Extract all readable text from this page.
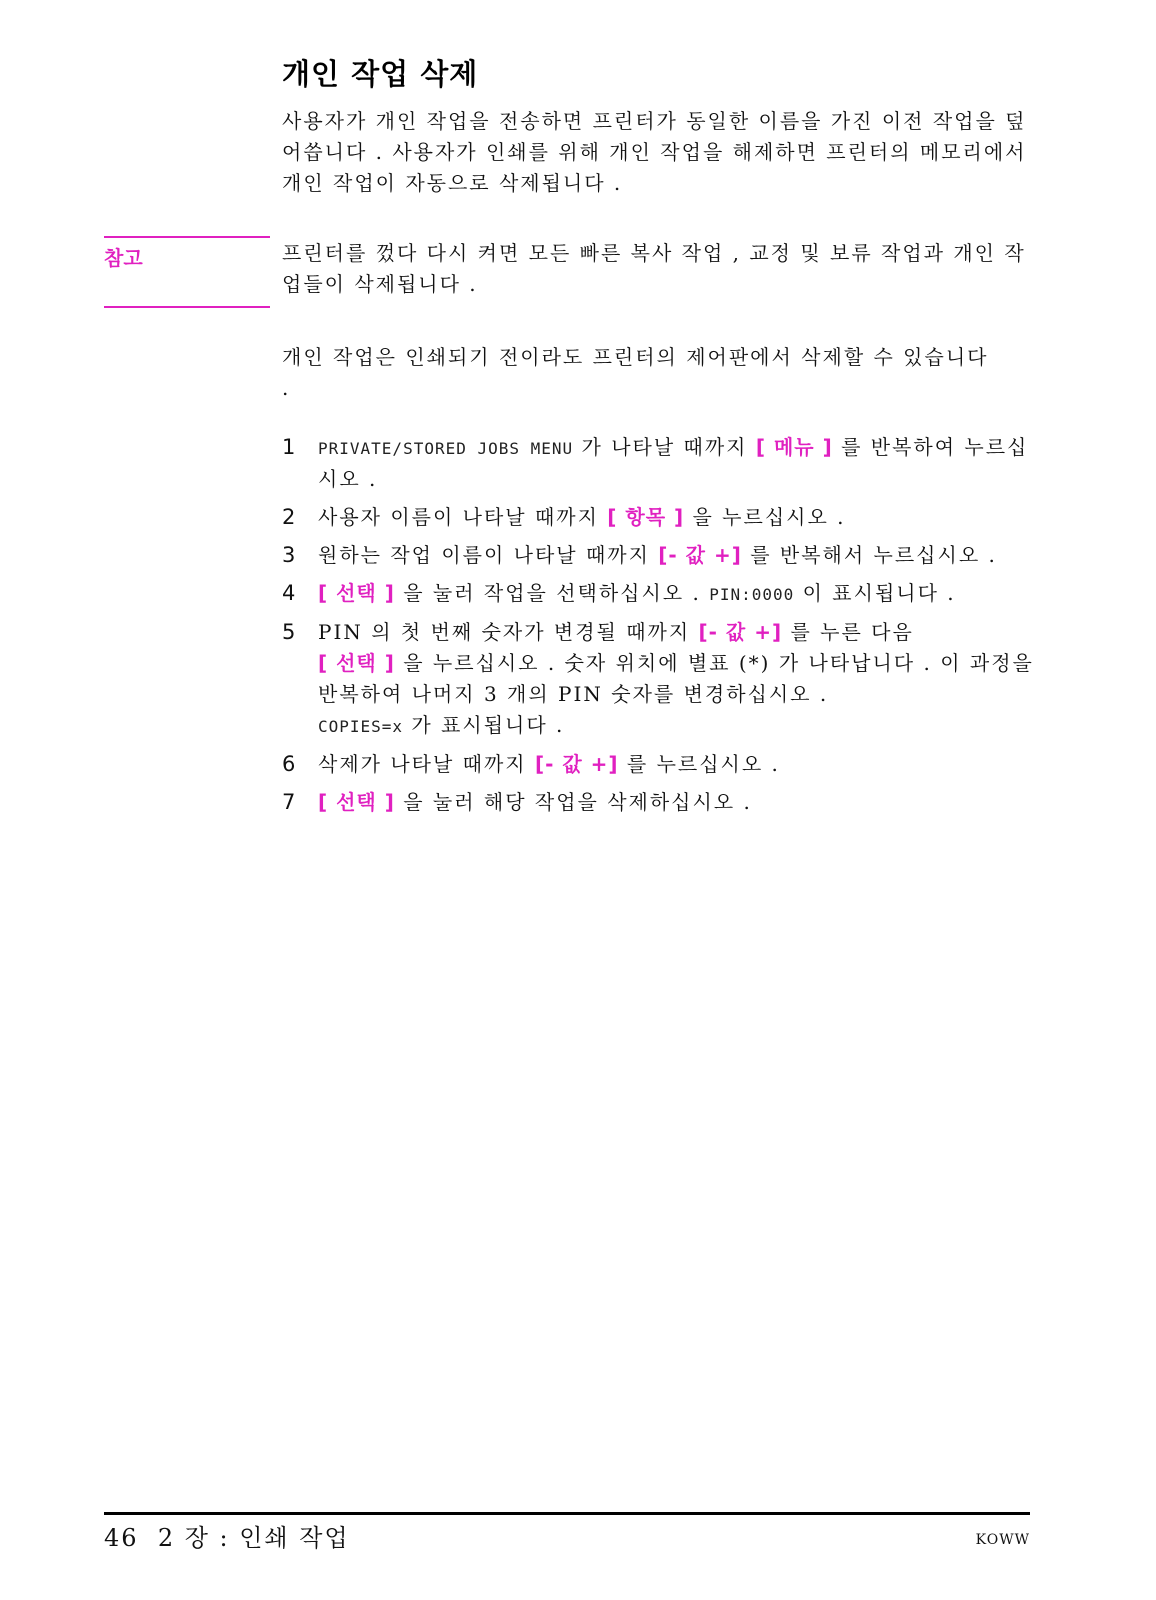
개인 작업 삭제

사용자가 개인 작업을 전송하면 프린터가 동일한 이름을 가진 이전 작업을 덮어씁니다 . 사용자가 인쇄를 위해 개인 작업을 해제하면 프린터의 메모리에서 개인 작업이 자동으로 삭제됩니다 .

참고	프린터를 껐다 다시 켜면 모든 빠른 복사 작업 , 교정 및 보류 작업과 개인 작업들이 삭제됩니다 .

개인 작업은 인쇄되기 전이라도 프린터의 제어판에서 삭제할 수 있습니다 .

1 PRIVATE/STORED JOBS MENU 가 나타날 때까지 [ 메뉴 ] 를 반복하여 누르십시오 .
2 사용자 이름이 나타날 때까지 [ 항목 ] 을 누르십시오 .
3 원하는 작업 이름이 나타날 때까지 [- 값 +] 를 반복해서 누르십시오 .
4 [ 선택 ] 을 눌러 작업을 선택하십시오 . PIN:0000 이 표시됩니다 .
5 PIN 의 첫 번째 숫자가 변경될 때까지 [- 값 +] 를 누른 다음
[ 선택 ] 을 누르십시오 . 숫자 위치에 별표 (*) 가 나타납니다 . 이 과정을 반복하여 나머지 3 개의 PIN 숫자를 변경하십시오 .
COPIES=x 가 표시됩니다 .
6 삭제가 나타날 때까지 [- 값 +] 를 누르십시오 .
7 [ 선택 ] 을 눌러 해당 작업을 삭제하십시오 .
46 2 장 : 인쇄 작업	KOWW
